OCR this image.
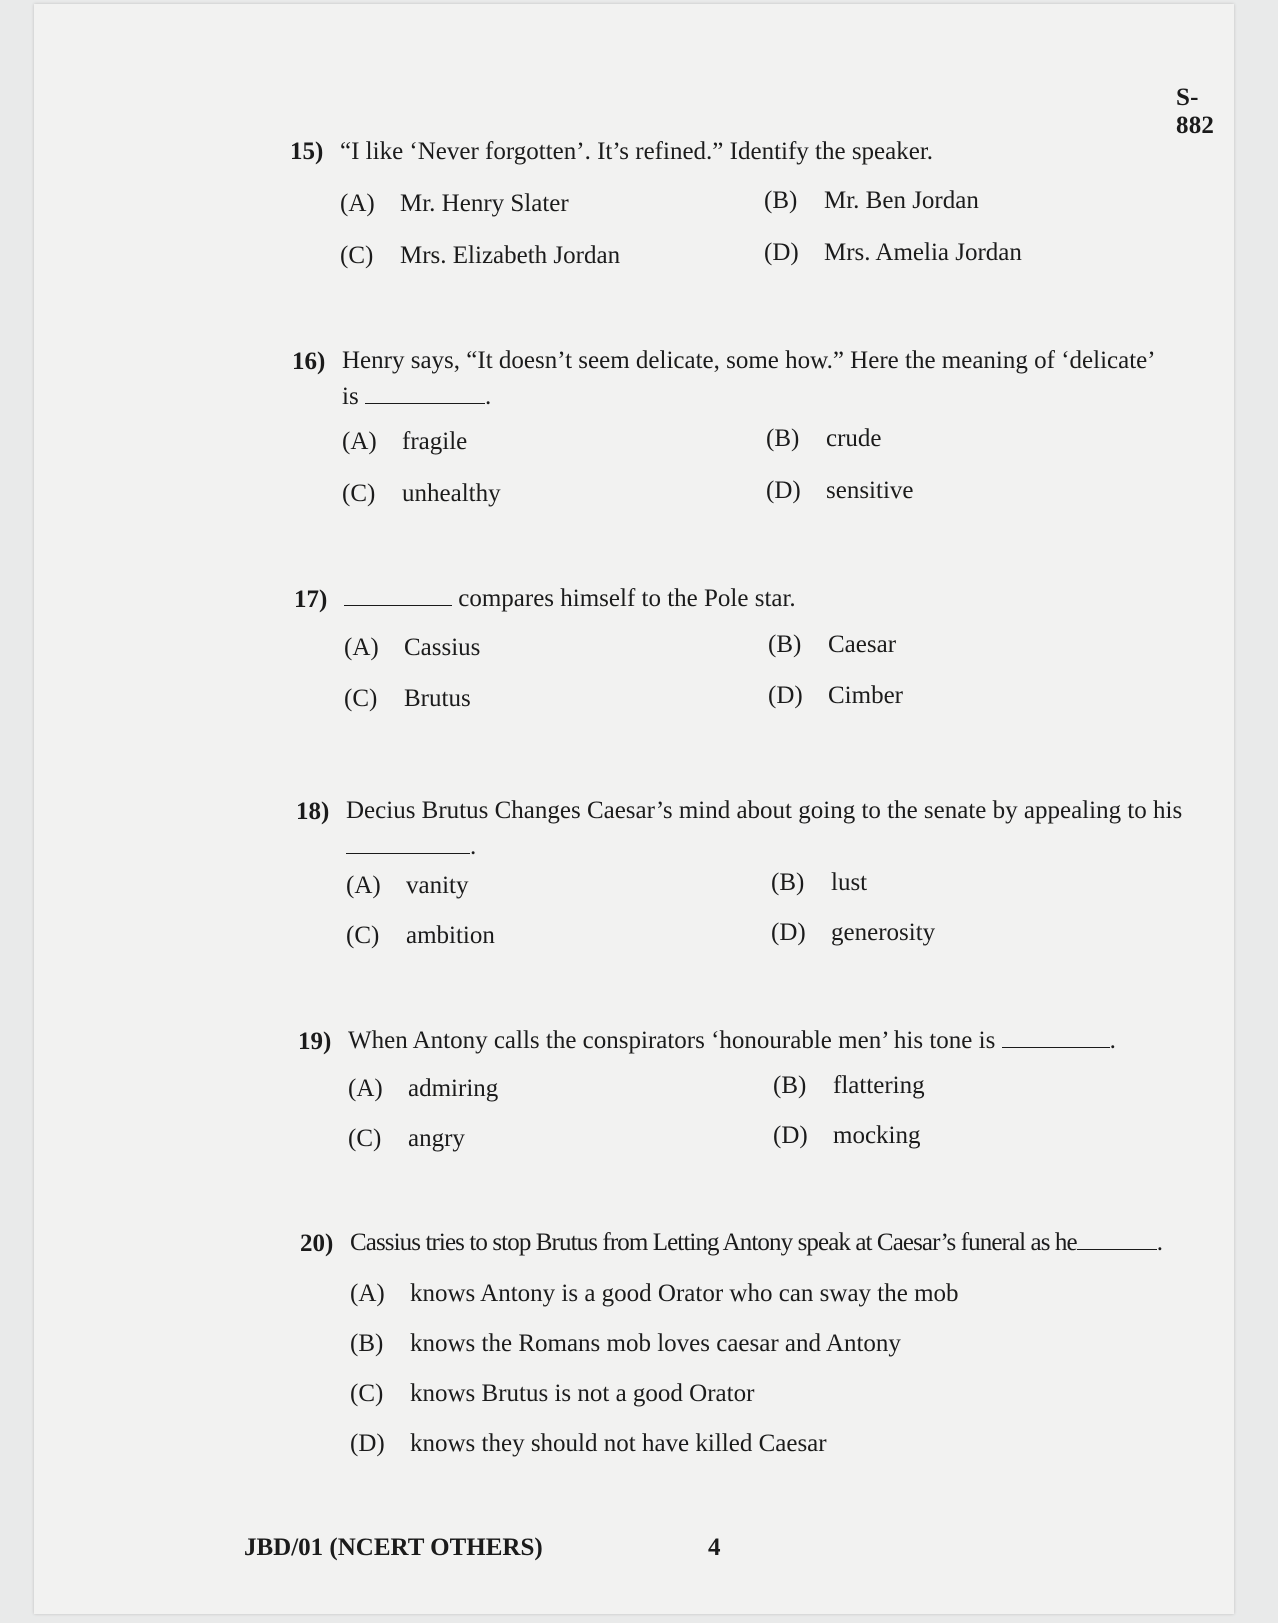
S-882
15) “I like ‘Never forgotten’. It’s refined.” Identify the speaker.
(A) Mr. Henry Slater	(B) Mr. Ben Jordan
(C) Mrs. Elizabeth Jordan	(D) Mrs. Amelia Jordan
16) Henry says, “It doesn’t seem delicate, some how.” Here the meaning of ‘delicate’
is	.
(A) fragile	(B) crude
(C) unhealthy	(D) sensitive
17)	compares himself to the Pole star.
(A) Cassius	(B) Caesar
(C) Brutus	(D) Cimber
18) Decius Brutus Changes Caesar’s mind about going to the senate by appealing to his
.
(A) vanity	(B) lust
(C) ambition	(D) generosity
19) When Antony calls the conspirators ‘honourable men’ his tone is	.
(A) admiring	(B) flattering
(C) angry	(D) mocking
20) Cassius tries to stop Brutus from Letting Antony speak at Caesar’s funeral as he	.
(A) knows Antony is a good Orator who can sway the mob
(B) knows the Romans mob loves caesar and Antony
(C) knows Brutus is not a good Orator
(D) knows they should not have killed Caesar
JBD/01 (NCERT OTHERS)	4
